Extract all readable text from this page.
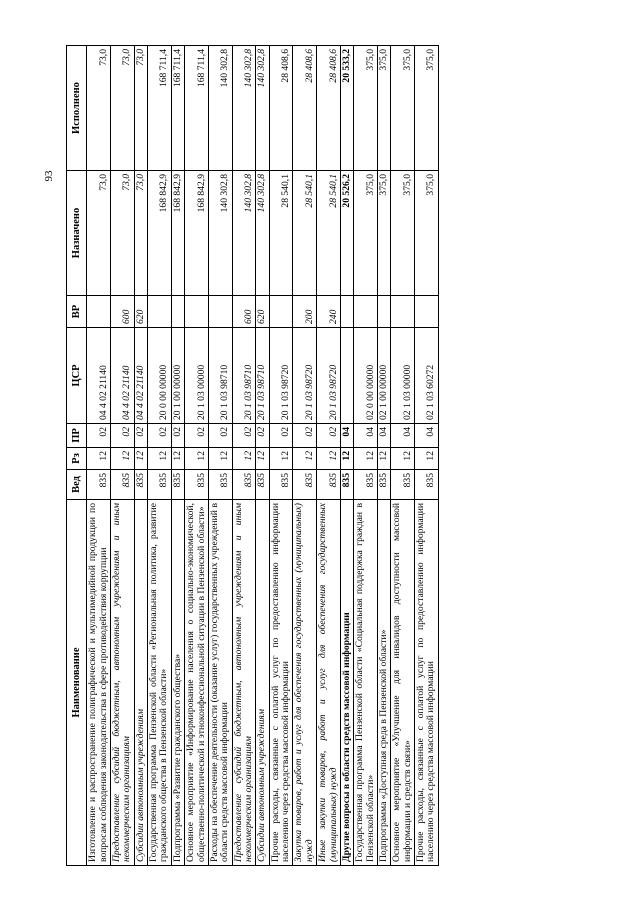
93
Наименование	Вед	Рз	ПР	ЦСР	ВР	Назначено	Исполнено
Изготовление и распространение полиграфической и мультимедийной продукции по вопросам соблюдения законодательства в сфере противодействия коррупции	835	12	02	04 4 02 21140		73,0	73,0
Предоставление субсидий бюджетным, автономным учреждениям и иным некоммерческим организациям	835	12	02	04 4 02 21140	600	73,0	73,0
Субсидии автономным учреждениям	835	12	02	04 4 02 21140	620	73,0	73,0
Государственная программа Пензенской области «Региональная политика, развитие гражданского общества в Пензенской области»	835	12	02	20 0 00 00000		168 842,9	168 711,4
Подпрограмма «Развитие гражданского общества»	835	12	02	20 1 00 00000		168 842,9	168 711,4
Основное мероприятие «Информирование населения о социально-экономической, общественно-политической и этноконфессиональной ситуации в Пензенской области»	835	12	02	20 1 03 00000		168 842,9	168 711,4
Расходы на обеспечение деятельности (оказание услуг) государственных учреждений в области средств массовой информации	835	12	02	20 1 03 98710		140 302,8	140 302,8
Предоставление субсидий бюджетным, автономным учреждениям и иным некоммерческим организациям	835	12	02	20 1 03 98710	600	140 302,8	140 302,8
Субсидии автономным учреждениям	835	12	02	20 1 03 98710	620	140 302,8	140 302,8
Прочие расходы, связанные с оплатой услуг по предоставлению информации населению через средства массовой информации	835	12	02	20 1 03 98720		28 540,1	28 408,6
Закупка товаров, работ и услуг для обеспечения государственных (муниципальных) нужд	835	12	02	20 1 03 98720	200	28 540,1	28 408,6
Иные закупки товаров, работ и услуг для обеспечения государственных (муниципальных) нужд	835	12	02	20 1 03 98720	240	28 540,1	28 408,6
Другие вопросы в области средств массовой информации	835	12	04			20 526,2	20 533,2
Государственная программа Пензенской области «Социальная поддержка граждан в Пензенской области»	835	12	04	02 0 00 00000		375,0	375,0
Подпрограмма «Доступная среда в Пензенской области»	835	12	04	02 1 00 00000		375,0	375,0
Основное мероприятие «Улучшение для инвалидов доступности массовой информации и средств связи»	835	12	04	02 1 03 00000		375,0	375,0
Прочие расходы, связанные с оплатой услуг по предоставлению информации населению через средства массовой информации	835	12	04	02 1 03 60272		375,0	375,0
